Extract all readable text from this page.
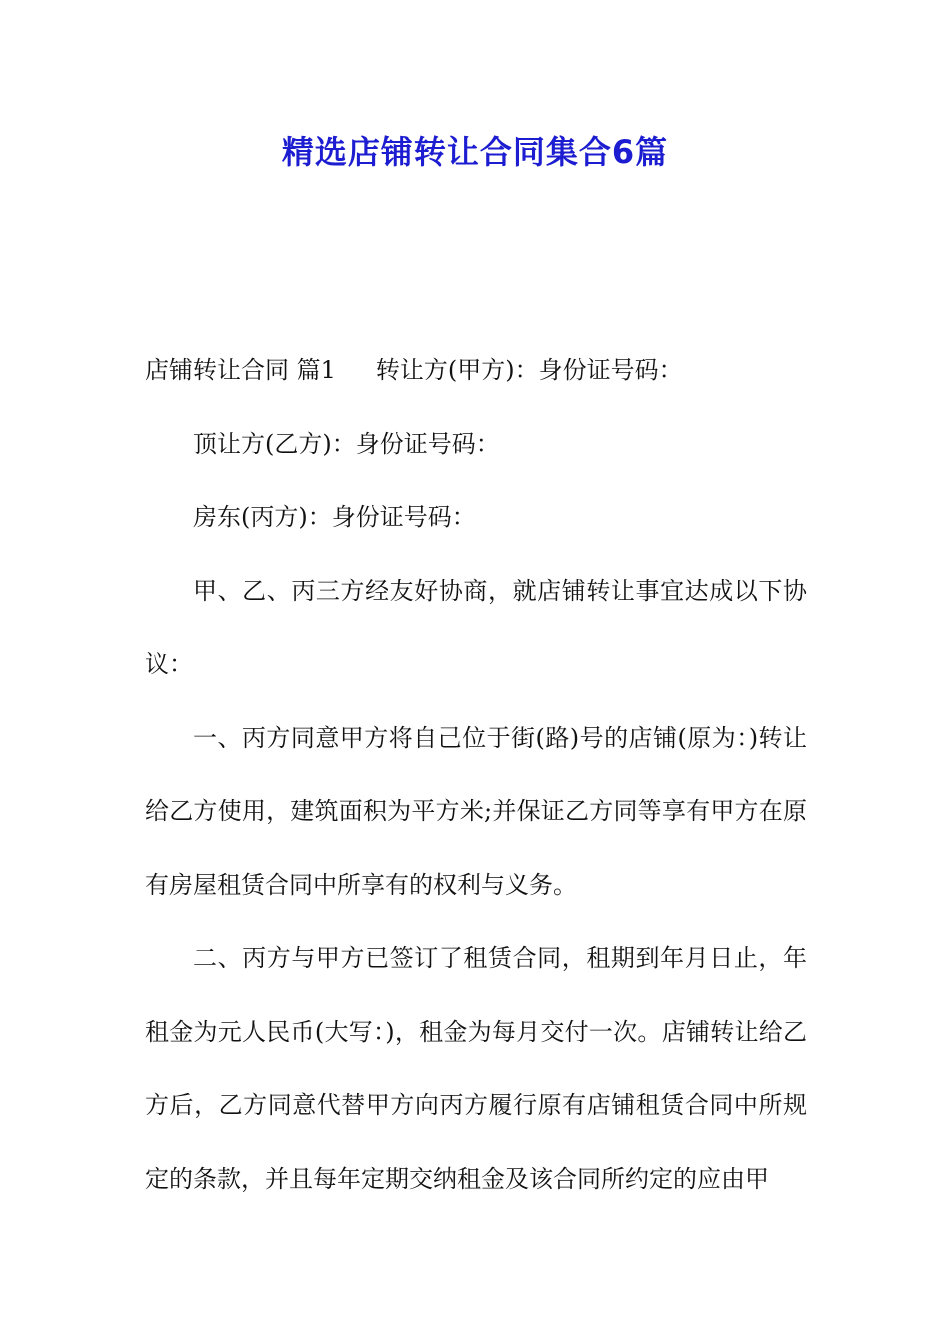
精选店铺转让合同集合6篇

店铺转让合同 篇1 转让方(甲方)：身份证号码：

顶让方(乙方)：身份证号码：

房东(丙方)：身份证号码：

甲、乙、丙三方经友好协商，就店铺转让事宜达成以下协议：

一、丙方同意甲方将自己位于街(路)号的店铺(原为：)转让给乙方使用，建筑面积为平方米;并保证乙方同等享有甲方在原有房屋租赁合同中所享有的权利与义务。

二、丙方与甲方已签订了租赁合同，租期到年月日止，年租金为元人民币(大写：)，租金为每月交付一次。店铺转让给乙方后，乙方同意代替甲方向丙方履行原有店铺租赁合同中所规定的条款，并且每年定期交纳租金及该合同所约定的应由甲
